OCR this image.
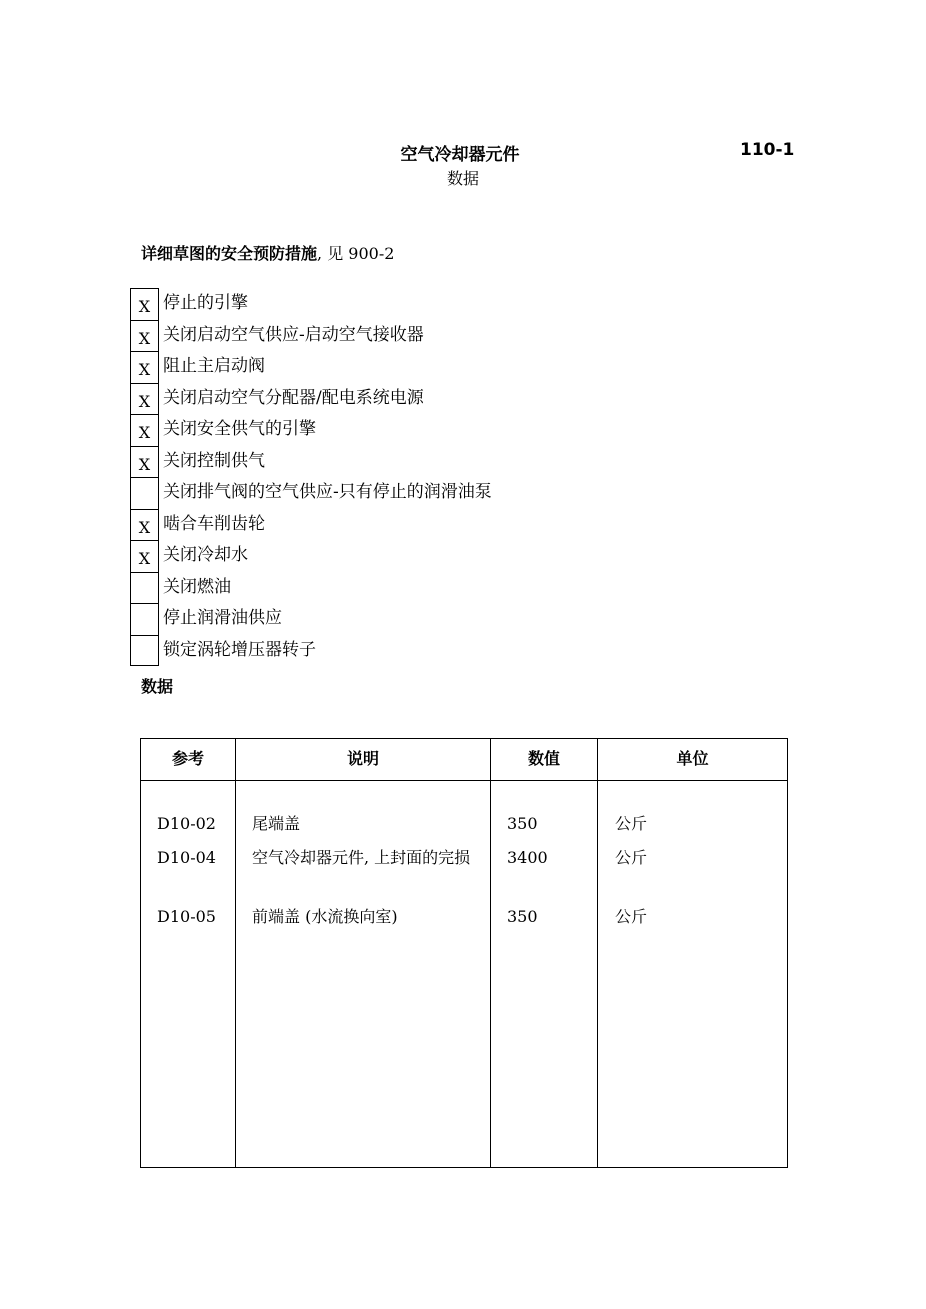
空气冷却器元件	110-1
数据
详细草图的安全预防措施, 见 900-2
X 停止的引擎
X 关闭启动空气供应-启动空气接收器
X 阻止主启动阀
X 关闭启动空气分配器/配电系统电源
X 关闭安全供气的引擎
X 关闭控制供气
关闭排气阀的空气供应-只有停止的润滑油泵
X 啮合车削齿轮
X 关闭冷却水
关闭燃油
停止润滑油供应
锁定涡轮增压器转子
数据
参考	说明	数值	单位
D10-02 尾端盖	350	公斤
D10-04 空气冷却器元件, 上封面的完损	3400	公斤
D10-05 前端盖 (水流换向室)	350	公斤
